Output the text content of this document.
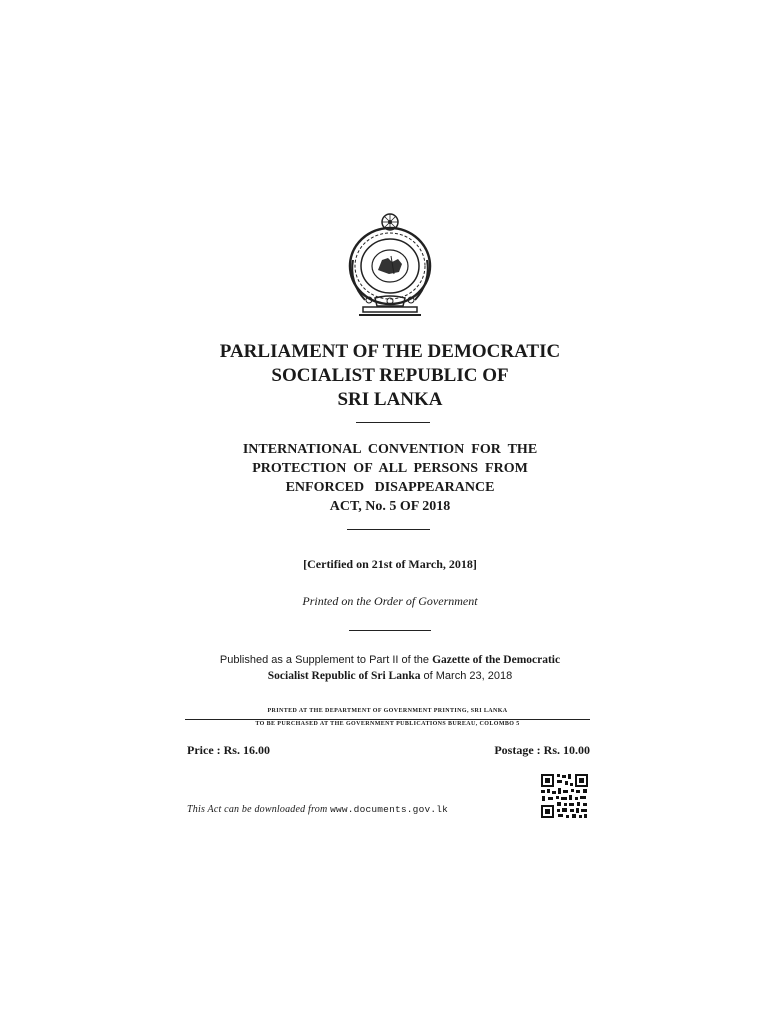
PARLIAMENT OF THE DEMOCRATIC
SOCIALIST REPUBLIC OF
SRI LANKA
INTERNATIONAL  CONVENTION  FOR  THE
PROTECTION  OF  ALL  PERSONS  FROM
ENFORCED   DISAPPEARANCE
ACT, No. 5 OF 2018
[Certified on 21st of March, 2018]
Printed on the Order of Government
Published as a Supplement to Part II of the Gazette of the Democratic
Socialist Republic of Sri Lanka of March 23, 2018
PRINTED AT THE DEPARTMENT OF GOVERNMENT PRINTING, SRI LANKA
TO BE PURCHASED AT THE GOVERNMENT PUBLICATIONS BUREAU, COLOMBO 5
Price : Rs. 16.00	Postage : Rs. 10.00
This Act can be downloaded from www.documents.gov.lk
